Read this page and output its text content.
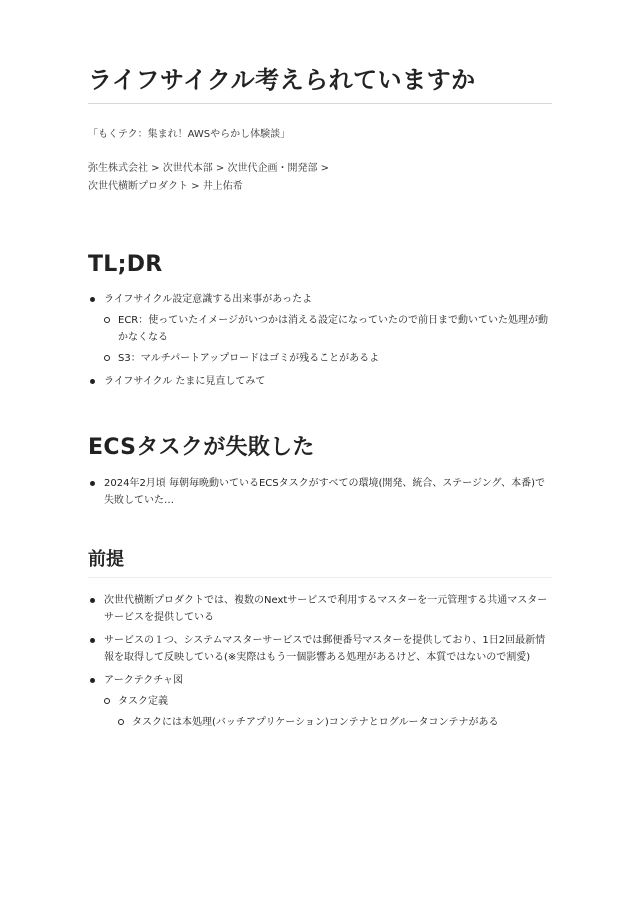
ライフサイクル考えられていますか

「もくテク：集まれ！AWSやらかし体験談」

弥生株式会社 > 次世代本部 > 次世代企画・開発部 >

次世代横断プロダクト > 井上佑希

TL;DR
ライフサイクル設定意識する出来事があったよ
ECR：使っていたイメージがいつかは消える設定になっていたので前日まで動いていた処理が動かなくなる
S3：マルチパートアップロードはゴミが残ることがあるよ
ライフサイクル たまに見直してみて
ECSタスクが失敗した
2024年2月頃 毎朝毎晩動いているECSタスクがすべての環境(開発、統合、ステージング、本番)で失敗していた…
前提
次世代横断プロダクトでは、複数のNextサービスで利用するマスターを一元管理する共通マスターサービスを提供している
サービスの１つ、システムマスターサービスでは郵便番号マスターを提供しており、1日2回最新情報を取得して反映している(※実際はもう一個影響ある処理があるけど、本質ではないので割愛)
アークテクチャ図
タスク定義
タスクには本処理(バッチアプリケーション)コンテナとログルータコンテナがある
